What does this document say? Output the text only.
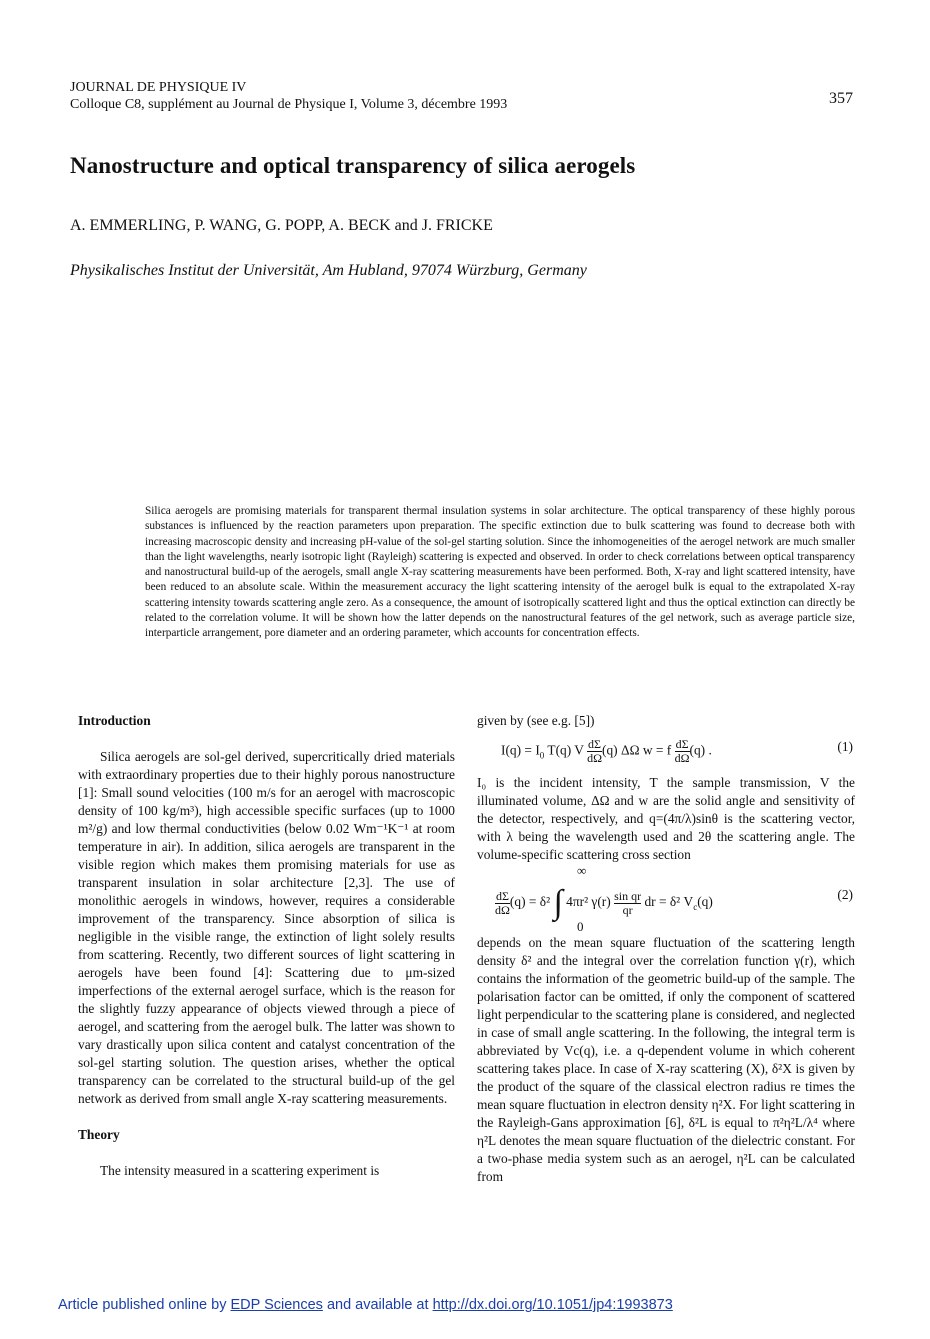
JOURNAL DE PHYSIQUE IV
Colloque C8, supplément au Journal de Physique I, Volume 3, décembre 1993	357
Nanostructure and optical transparency of silica aerogels
A. EMMERLING, P. WANG, G. POPP, A. BECK and J. FRICKE
Physikalisches Institut der Universität, Am Hubland, 97074 Würzburg, Germany
Silica aerogels are promising materials for transparent thermal insulation systems in solar architecture. The optical transparency of these highly porous substances is influenced by the reaction parameters upon preparation. The specific extinction due to bulk scattering was found to decrease both with increasing macroscopic density and increasing pH-value of the sol-gel starting solution. Since the inhomogeneities of the aerogel network are much smaller than the light wavelengths, nearly isotropic light (Rayleigh) scattering is expected and observed. In order to check correlations between optical transparency and nanostructural build-up of the aerogels, small angle X-ray scattering measurements have been performed. Both, X-ray and light scattered intensity, have been reduced to an absolute scale. Within the measurement accuracy the light scattering intensity of the aerogel bulk is equal to the extrapolated X-ray scattering intensity towards scattering angle zero. As a consequence, the amount of isotropically scattered light and thus the optical extinction can directly be related to the correlation volume. It will be shown how the latter depends on the nanostructural features of the gel network, such as average particle size, interparticle arrangement, pore diameter and an ordering parameter, which accounts for concentration effects.

Introduction

Silica aerogels are sol-gel derived, supercritically dried materials with extraordinary properties due to their highly porous nanostructure [1]: Small sound velocities (100 m/s for an aerogel with macroscopic density of 100 kg/m³), high accessible specific surfaces (up to 1000 m²/g) and low thermal conductivities (below 0.02 Wm⁻¹K⁻¹ at room temperature in air). In addition, silica aerogels are transparent in the visible region which makes them promising materials for use as transparent insulation in solar architecture [2,3]. The use of monolithic aerogels in windows, however, requires a considerable improvement of the transparency. Since absorption of silica is negligible in the visible range, the extinction of light solely results from scattering. Recently, two different sources of light scattering in aerogels have been found [4]: Scattering due to μm-sized imperfections of the external aerogel surface, which is the reason for the slightly fuzzy appearance of objects viewed through a piece of aerogel, and scattering from the aerogel bulk. The latter was shown to vary drastically upon silica content and catalyst concentration of the sol-gel starting solution. The question arises, whether the optical transparency can be correlated to the structural build-up of the gel network as derived from small angle X-ray scattering measurements.

Theory

The intensity measured in a scattering experiment is

given by (see e.g. [5])

$I(q) = I_0$ T(q) V $\frac{d\Sigma}{d\Omega} (q)$ ΔΩ w = f $\frac{d\Sigma}{d\Omega} (q)$ .	(1)

I₀ is the incident intensity, T the sample transmission, V the illuminated volume, ΔΩ and w are the solid angle and sensitivity of the detector, respectively, and q=(4π/λ)sinθ is the scattering vector, with λ being the wavelength used and 2θ the scattering angle. The volume-specific scattering cross section

∞
$\frac{d\Sigma}{d\Omega} (q) = \delta^2$ ∫ 4πr² $\gamma(r) \frac{\text{sin qr}}{qr}$ dr = δ² $V_c(q)$
0
(2)

depends on the mean square fluctuation of the scattering length density δ² and the integral over the correlation function γ(r), which contains the information of the geometric build-up of the sample. The polarisation factor can be omitted, if only the component of scattered light perpendicular to the scattering plane is considered, and neglected in case of small angle scattering. In the following, the integral term is abbreviated by Vc(q), i.e. a q-dependent volume in which coherent scattering takes place. In case of X-ray scattering (X), δ²X is given by the product of the square of the classical electron radius re times the mean square fluctuation in electron density η²X. For light scattering in the Rayleigh-Gans approximation [6], δ²L is equal to π²η²L/λ⁴ where η²L denotes the mean square fluctuation of the dielectric constant. For a two-phase media system such as an aerogel, η²L can be calculated from

Article published online by EDP Sciences and available at http://dx.doi.org/10.1051/jp4:1993873
